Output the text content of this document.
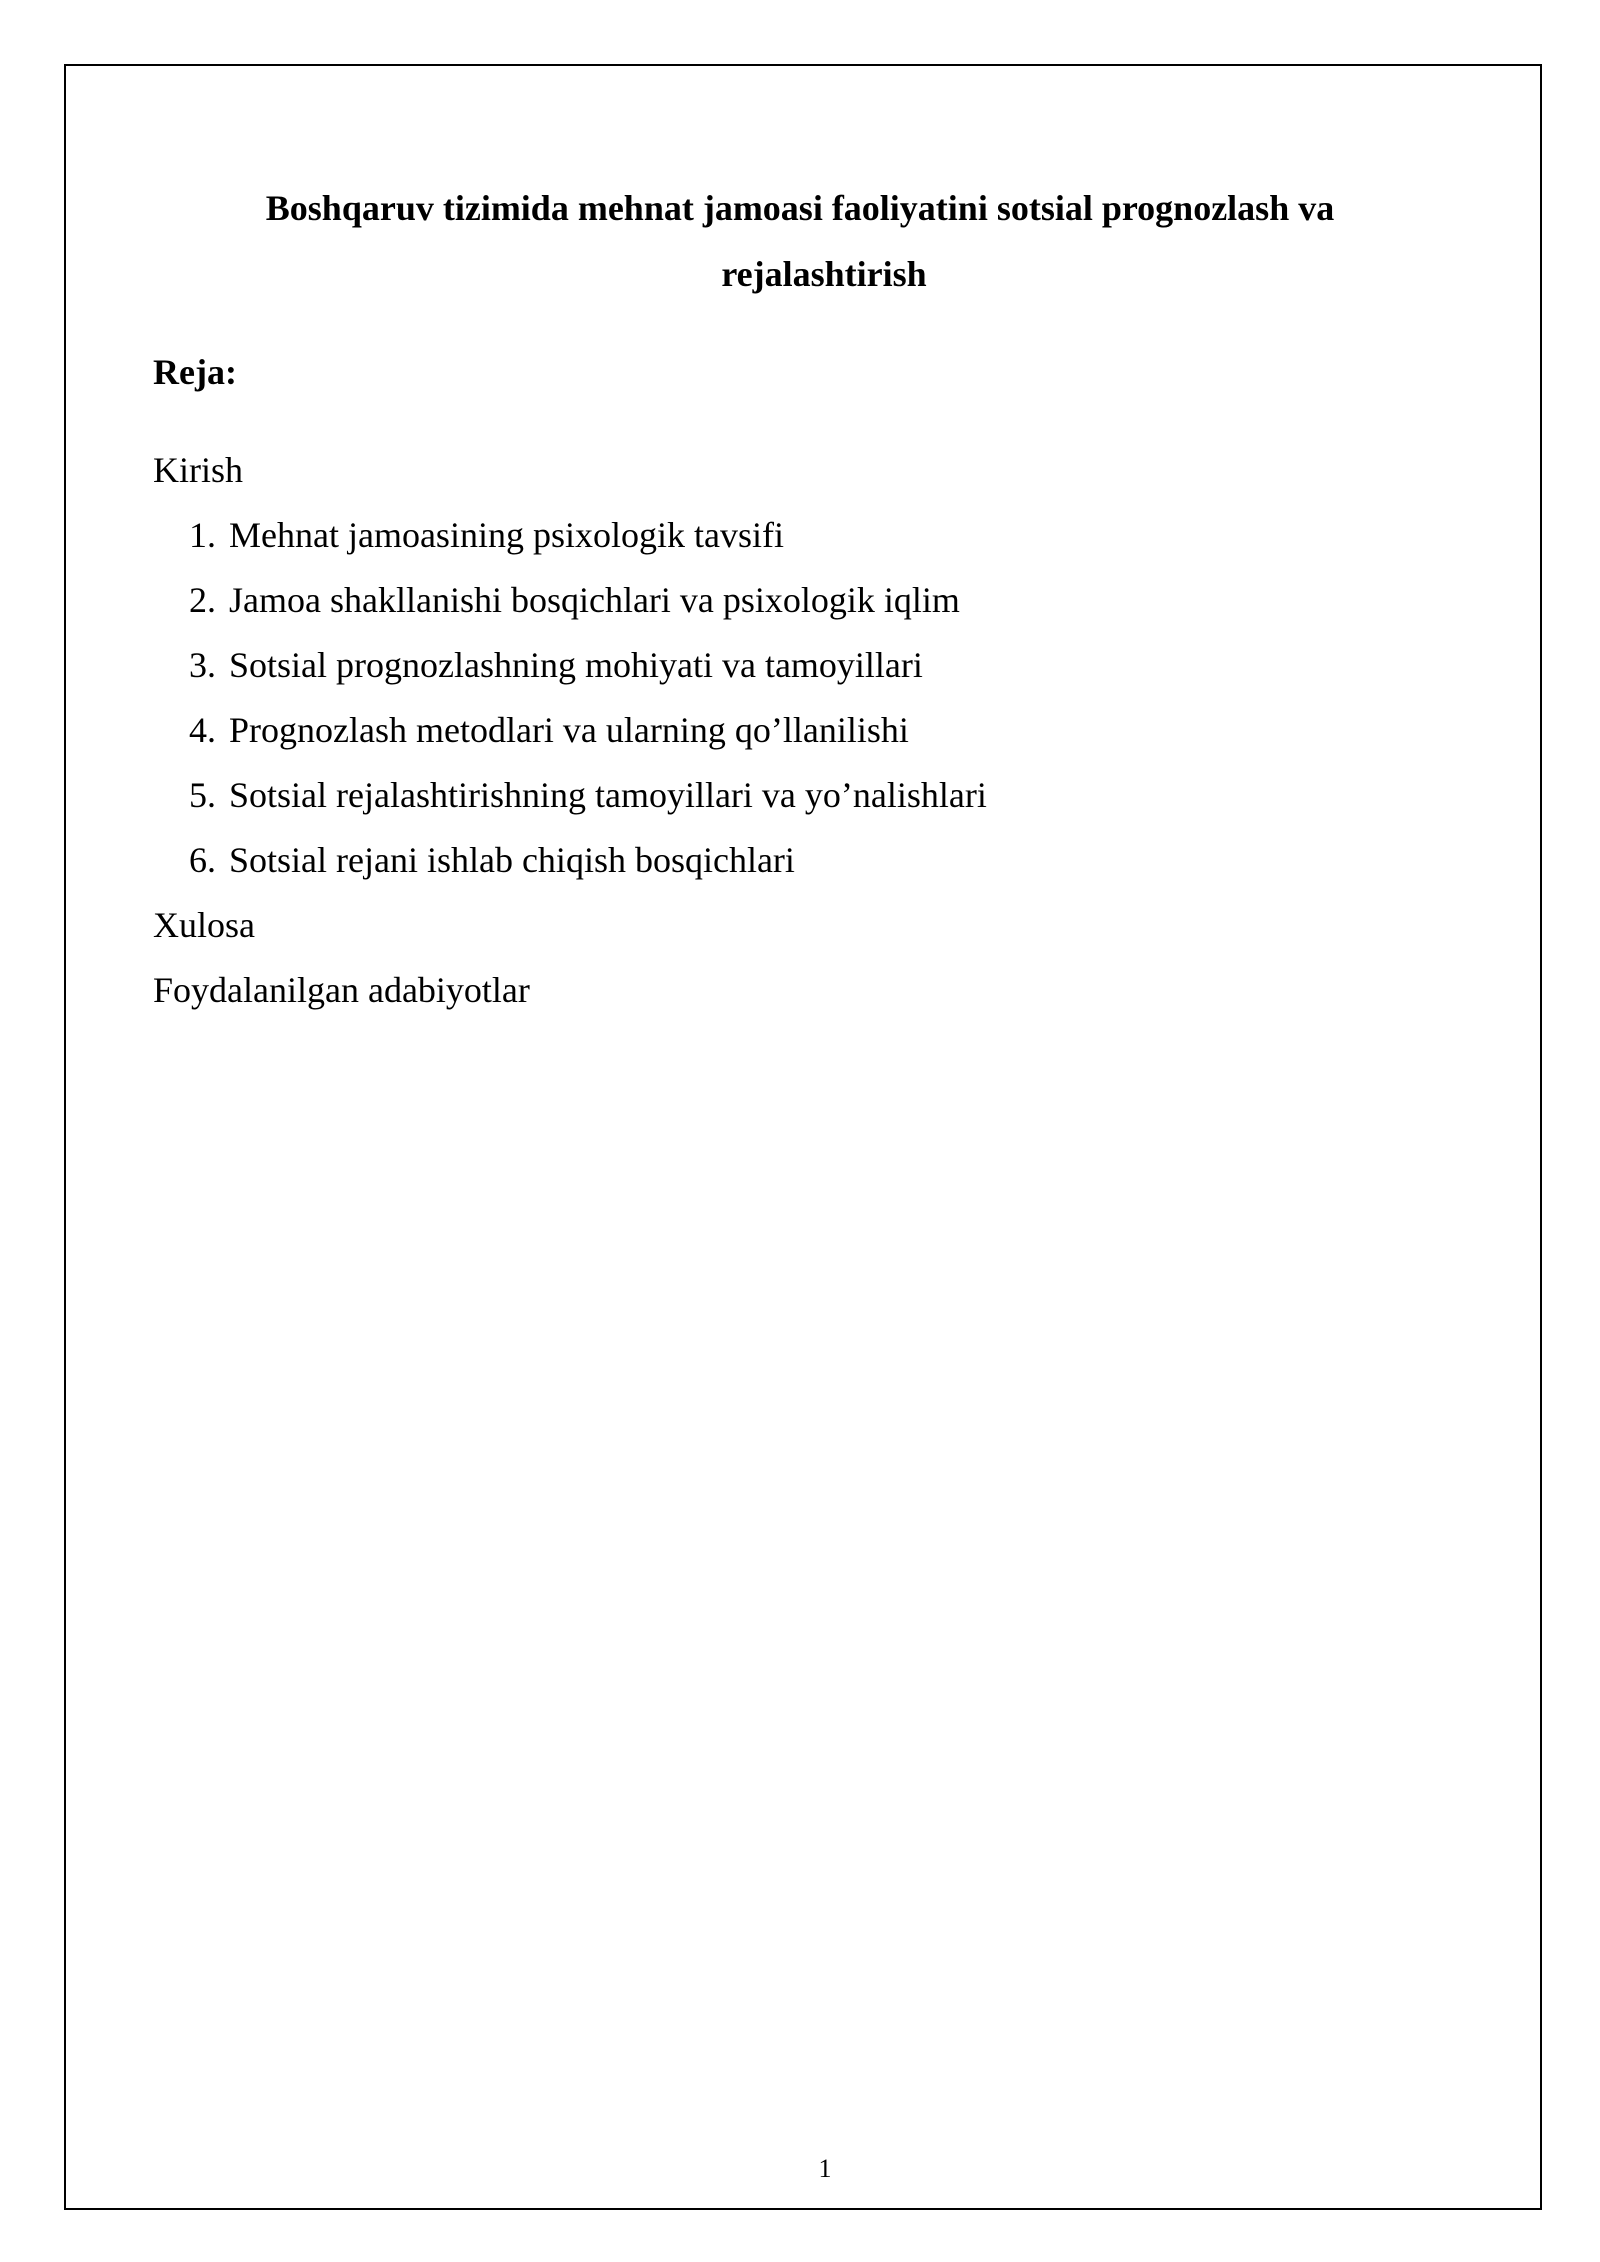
Boshqaruv tizimida mehnat jamoasi faoliyatini sotsial prognozlash va
rejalashtirish
Reja:
Kirish
1. Mehnat jamoasining psixologik tavsifi
2. Jamoa shakllanishi bosqichlari va psixologik iqlim
3. Sotsial prognozlashning mohiyati va tamoyillari
4. Prognozlash metodlari va ularning qo’llanilishi
5. Sotsial rejalashtirishning tamoyillari va yo’nalishlari
6. Sotsial rejani ishlab chiqish bosqichlari
Xulosa
Foydalanilgan adabiyotlar
1
